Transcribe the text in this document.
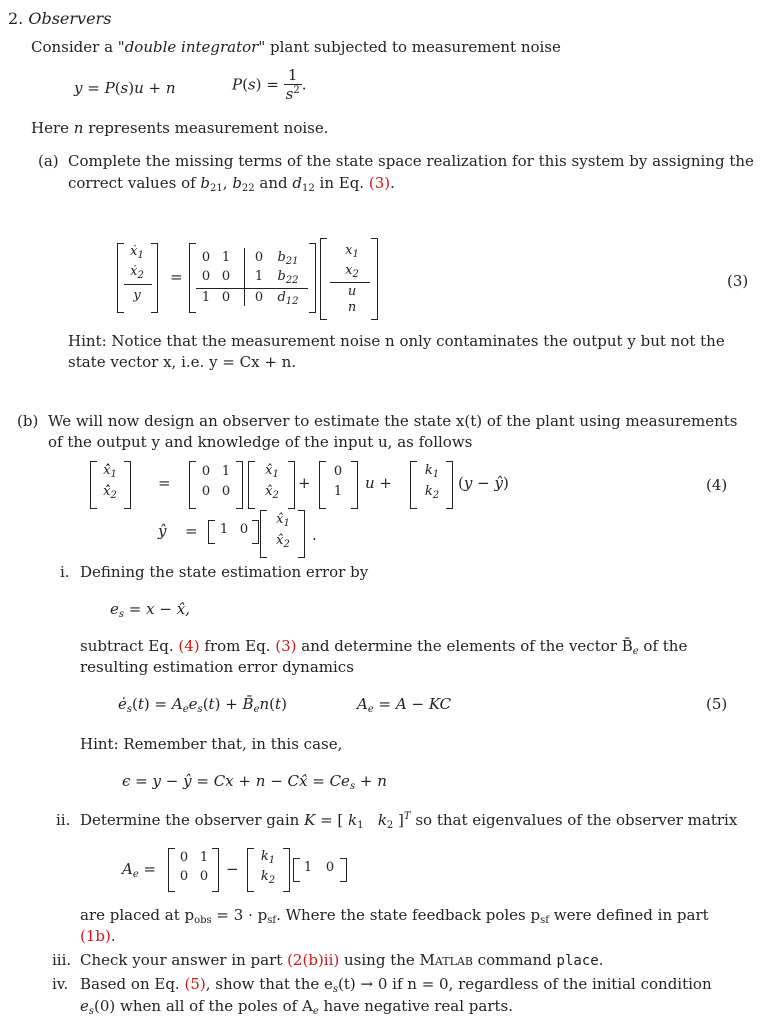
2. Observers
Consider a "double integrator" plant subjected to measurement noise
y = P(s)u + n	$P(s) = \frac{1}{s^2}$ .
Here n represents measurement noise.
(a) Complete the missing terms of the state space realization for this system by assigning the
correct values of $b_{21}$, $b_{22}$ and $d_{12}$ in Eq. (3).
ẋ$_1$
ẋ$_2$
y
=
0 1 0	$b_{21}$
0 0 1	$b_{22}$
1 0 0	$d_{12}$
$x_1$
$x_2$
u
n
(3)
Hint: Notice that the measurement noise n only contaminates the output y but not the
state vector x, i.e. y = Cx + n.
(b) We will now design an observer to estimate the state x(t) of the plant using measurements
of the output y and knowledge of the input u, as follows
$x̂̇_1$
$x̂̇_2$
=
0 1
0 0
$x̂_1$
$x̂_2$
+
0
1	u +
$k_1$
$k_2$
(y − ŷ)
ŷ = 1 0
$x̂_1$
$x̂_2$
.
(4)
i. Defining the state estimation error by
$e_s = x$ − x̂,
subtract Eq. (4) from Eq. (3) and determine the elements of the vector $B̄_e$ of the
resulting estimation error dynamics
$ė_s(t) = A_ee_s(t)$ + $B̄_en(t)$	$A_e = A$ − KC	(5)
Hint: Remember that, in this case,
ϵ = y − ŷ = Cx + n − Cx̂ = $Ce_s + n$
ii. Determine the observer gain K = [ $k_1$ $k_2$ ]$^T$ so that eigenvalues of the observer matrix
$A_e$ =
0 1
0 0 −
$k_1$
$k_2$
1 0
are placed at $p_{obs} = 3 \cdot p_{sf}$. Where the state feedback poles $p_{sf}$ were defined in part
(1b).
iii. Check your answer in part (2(b)ii) using the Matlab command place.
iv. Based on Eq. (5), show that the $e_s(t) \to 0$ if n = 0, regardless of the initial condition
$e_s(0)$ when all of the poles of $A_e$ have negative real parts.
